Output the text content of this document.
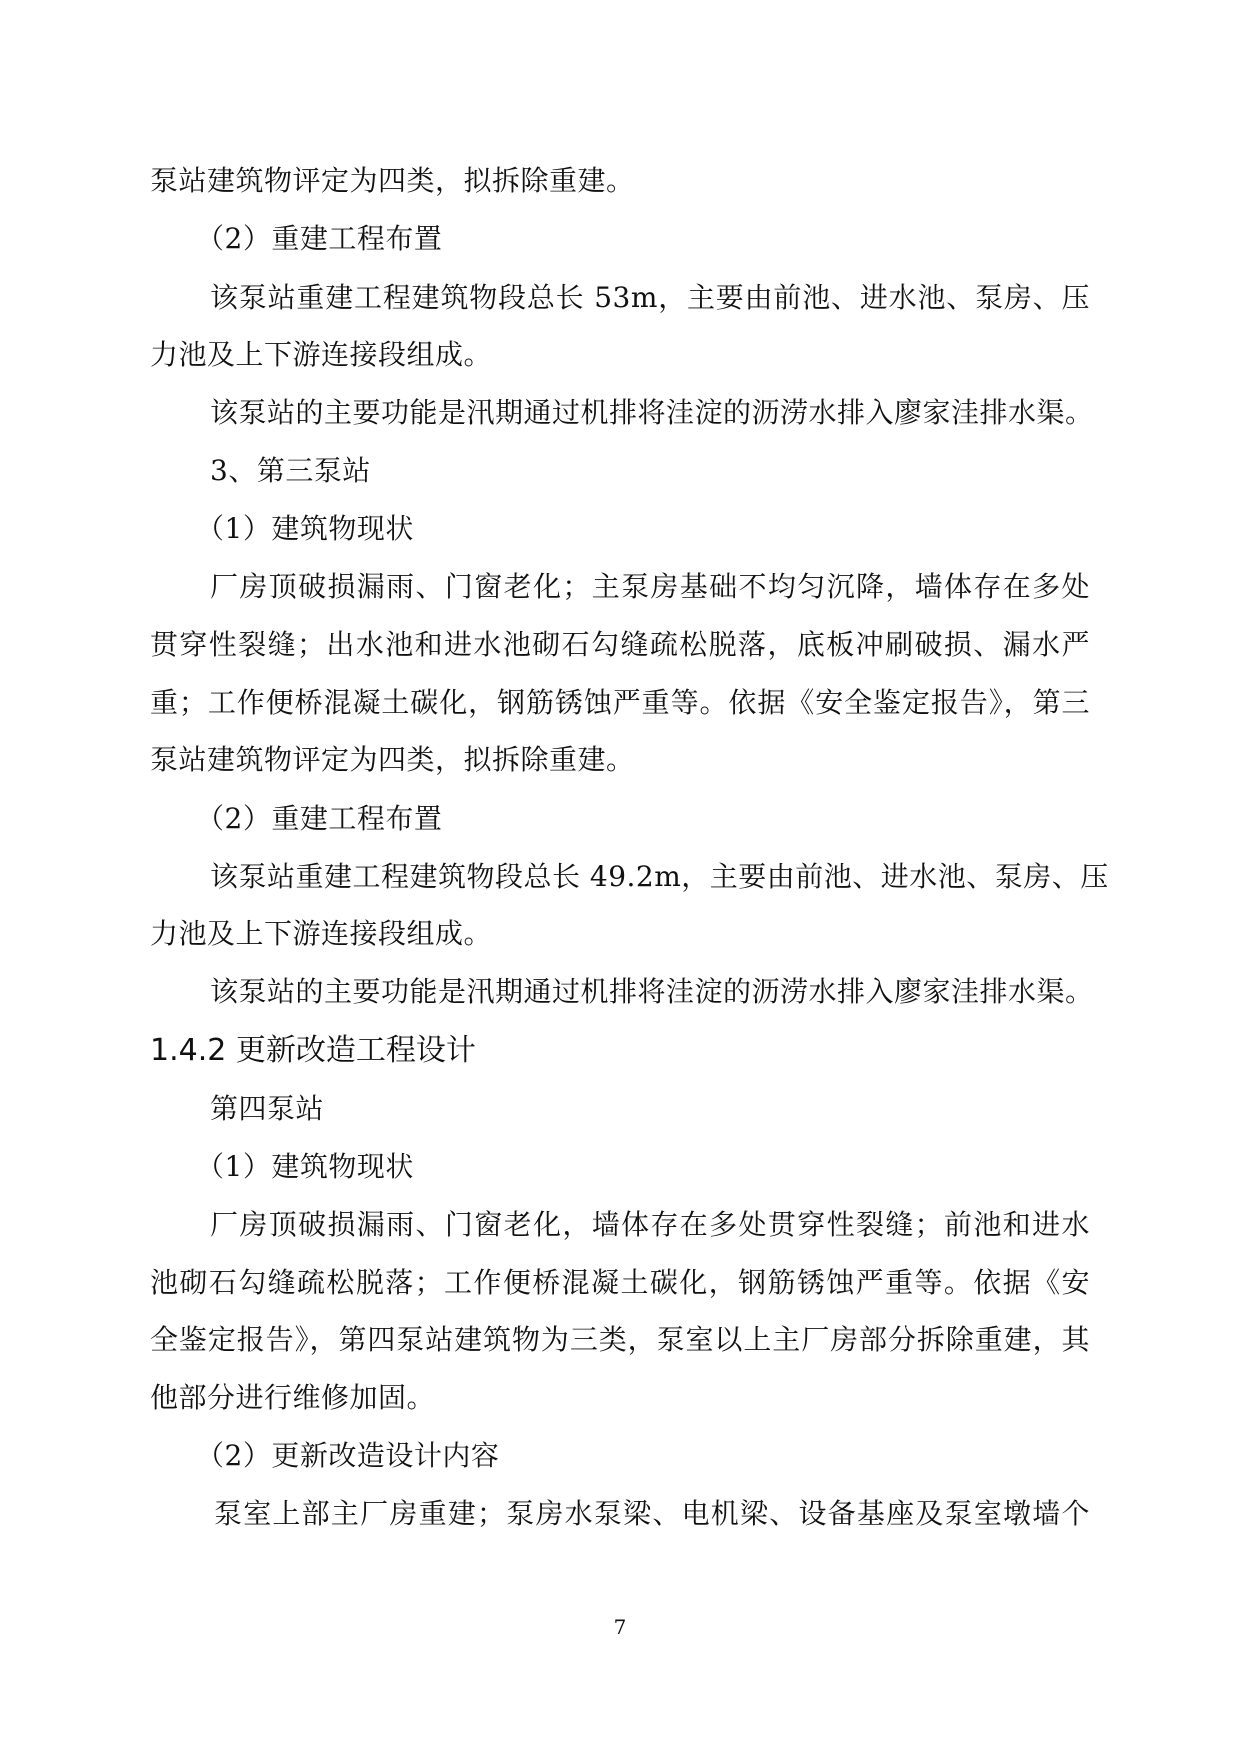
泵站建筑物评定为四类，拟拆除重建。
（2）重建工程布置
该泵站重建工程建筑物段总长 53m，主要由前池、进水池、泵房、压
力池及上下游连接段组成。
该泵站的主要功能是汛期通过机排将洼淀的沥涝水排入廖家洼排水渠。
3、第三泵站
（1）建筑物现状
厂房顶破损漏雨、门窗老化；主泵房基础不均匀沉降，墙体存在多处
贯穿性裂缝；出水池和进水池砌石勾缝疏松脱落，底板冲刷破损、漏水严
重；工作便桥混凝土碳化，钢筋锈蚀严重等。依据《安全鉴定报告》，第三
泵站建筑物评定为四类，拟拆除重建。
（2）重建工程布置
该泵站重建工程建筑物段总长 49.2m，主要由前池、进水池、泵房、压
力池及上下游连接段组成。
该泵站的主要功能是汛期通过机排将洼淀的沥涝水排入廖家洼排水渠。
1.4.2 更新改造工程设计
第四泵站
（1）建筑物现状
厂房顶破损漏雨、门窗老化，墙体存在多处贯穿性裂缝；前池和进水
池砌石勾缝疏松脱落；工作便桥混凝土碳化，钢筋锈蚀严重等。依据《安
全鉴定报告》，第四泵站建筑物为三类，泵室以上主厂房部分拆除重建，其
他部分进行维修加固。
（2）更新改造设计内容
泵室上部主厂房重建；泵房水泵梁、电机梁、设备基座及泵室墩墙个
7
